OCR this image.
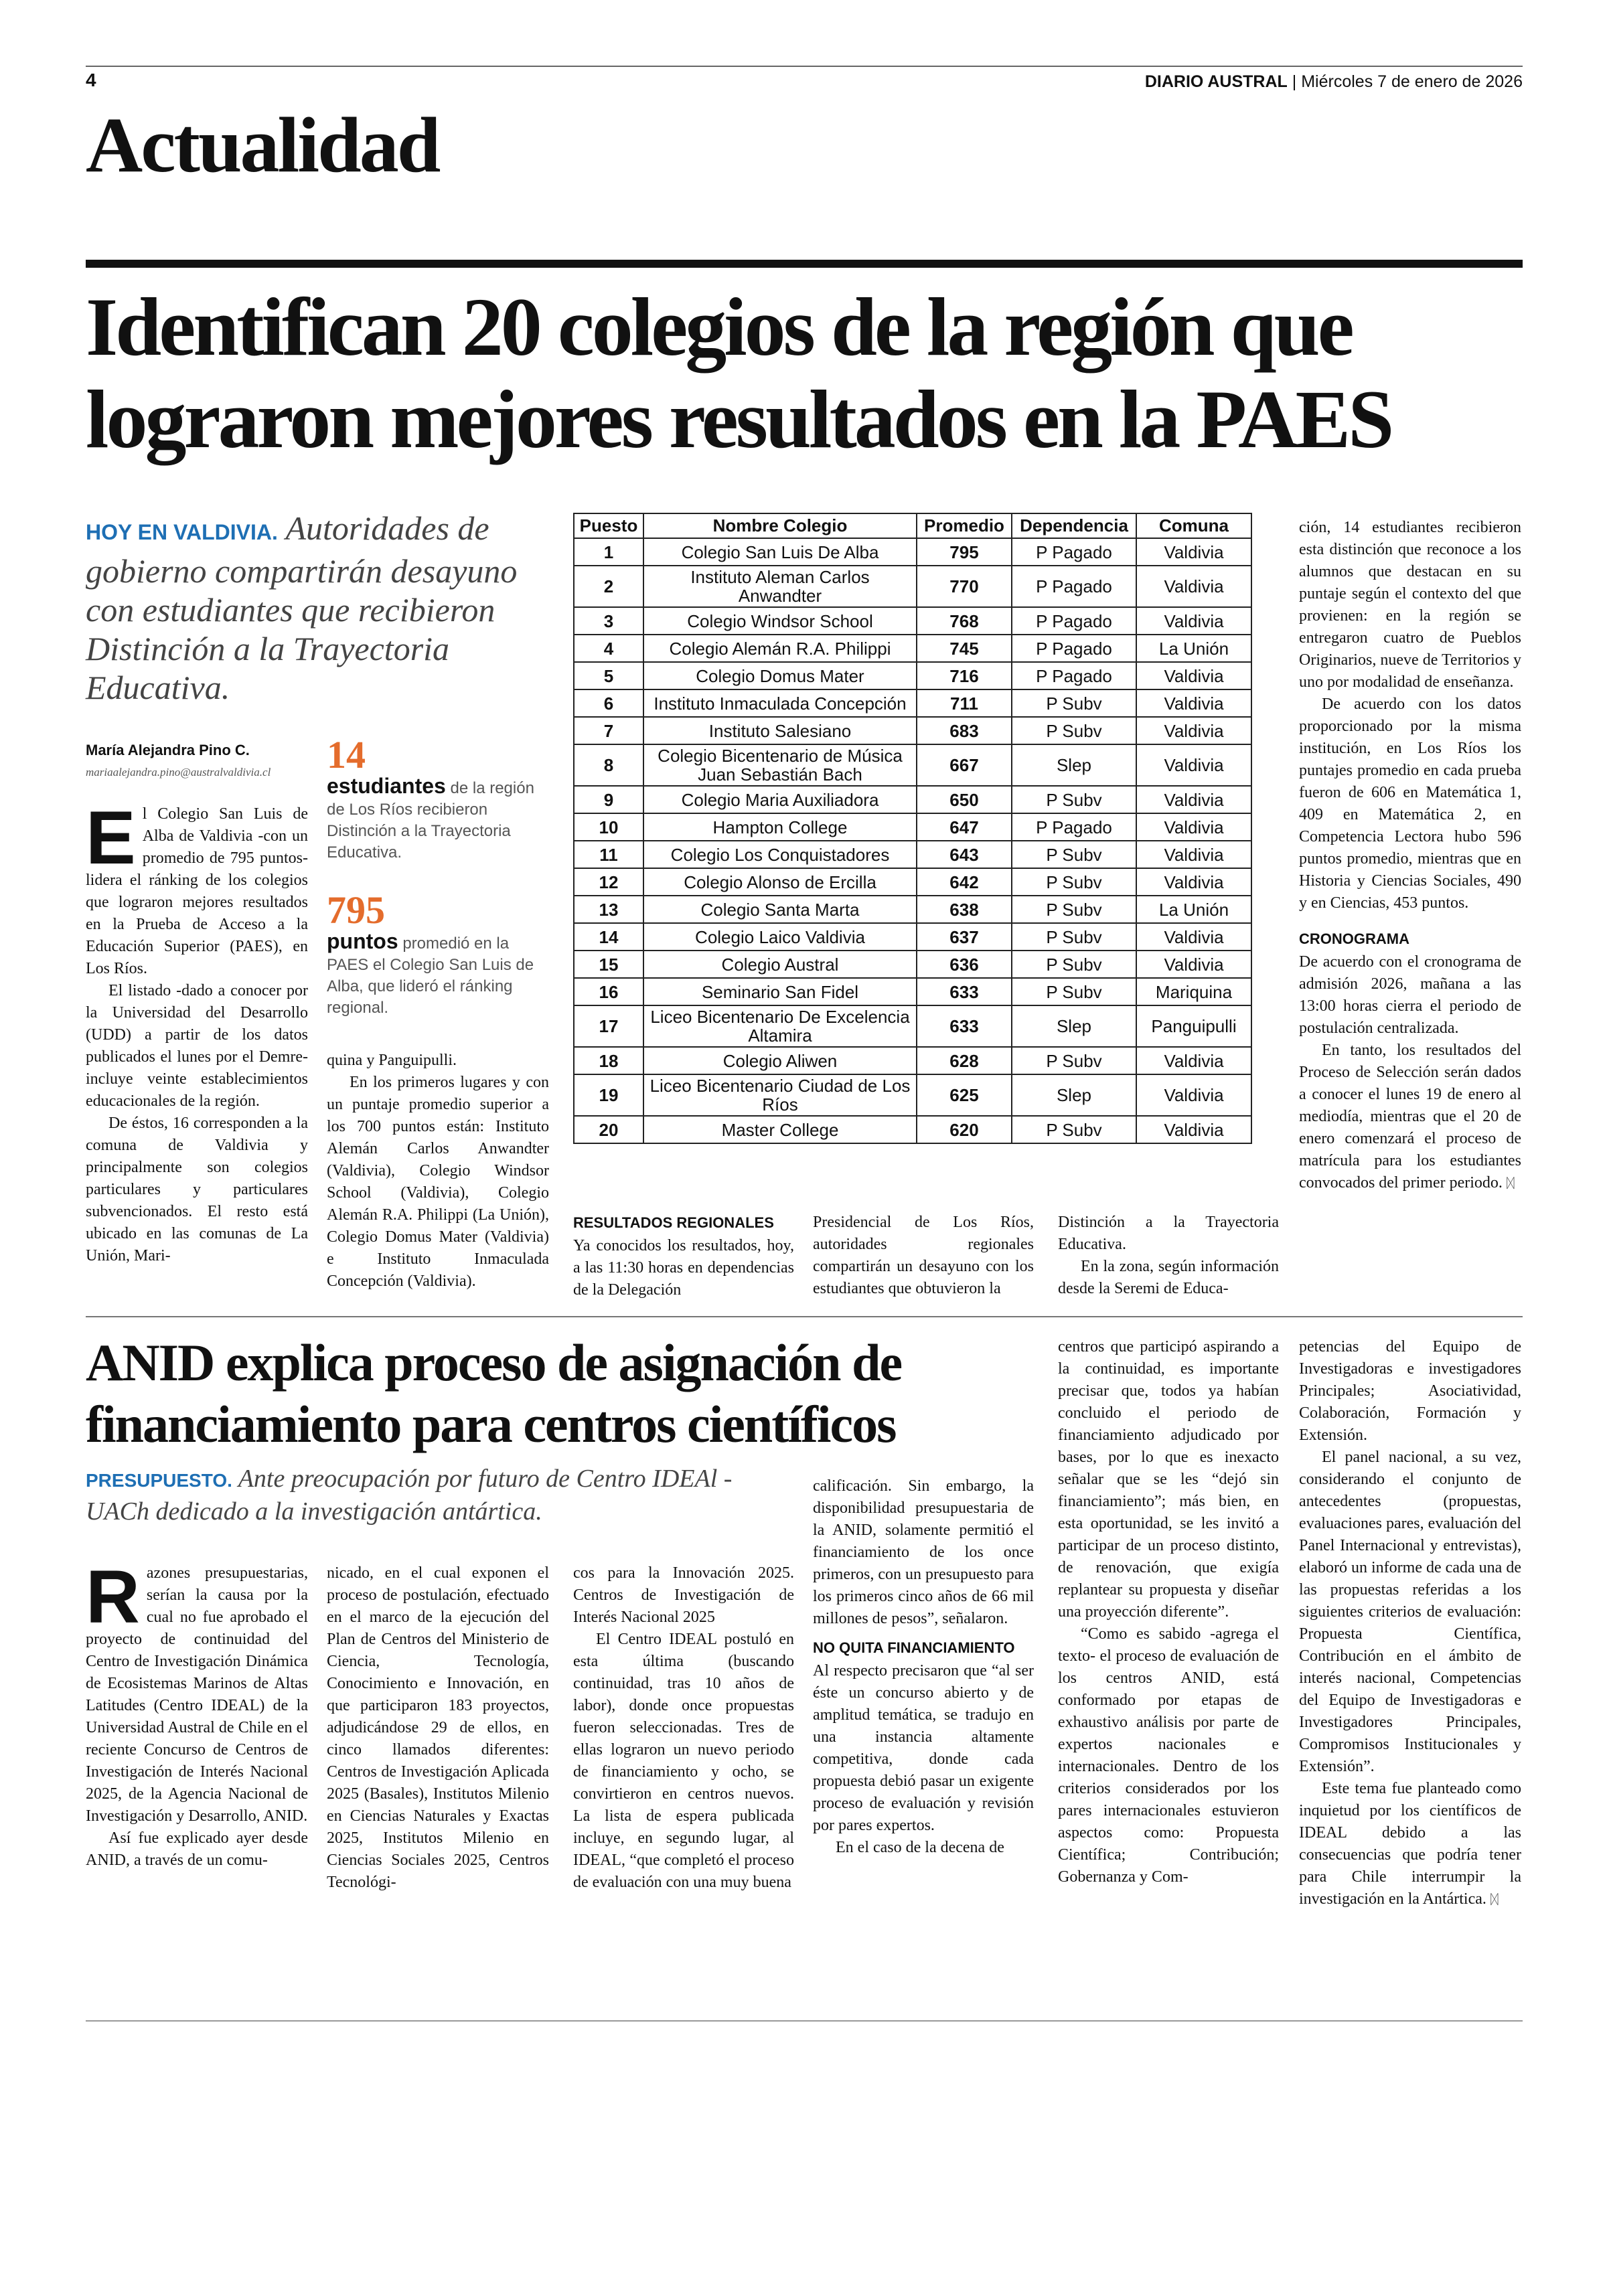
4	DIARIO AUSTRAL | Miércoles 7 de enero de 2026
Actualidad
Identifican 20 colegios de la región que lograron mejores resultados en la PAES
HOY EN VALDIVIA. Autoridades de gobierno compartirán desayuno con estudiantes que recibieron Distinción a la Trayectoria Educativa.
María Alejandra Pino C.
mariaalejandra.pino@australvaldivia.cl 14
estudiantes de la región de Los Ríos recibieron Distinción a la Trayectoria Educativa.
795
puntos promedió en la PAES el Colegio San Luis de Alba, que lideró el ránking regional.
E l Colegio San Luis de Alba de Valdivia -con un promedio de 795 puntos- lidera el ránking de los colegios que lograron mejores resultados en la Prueba de Acceso a la Educación Superior (PAES), en Los Ríos.

El listado -dado a conocer por la Universidad del Desarrollo (UDD) a partir de los datos publicados el lunes por el Demre- incluye veinte establecimientos educacionales de la región.

De éstos, 16 corresponden a la comuna de Valdivia y principalmente son colegios particulares y particulares subvencionados. El resto está ubicado en las comunas de La Unión, Mari-

quina y Panguipulli.

En los primeros lugares y con un puntaje promedio superior a los 700 puntos están: Instituto Alemán Carlos Anwandter (Valdivia), Colegio Windsor School (Valdivia), Colegio Alemán R.A. Philippi (La Unión), Colegio Domus Mater (Valdivia) e Instituto Inmaculada Concepción (Valdivia).

Puesto	Nombre Colegio	Promedio	Dependencia	Comuna
1	Colegio San Luis De Alba	795	P Pagado	Valdivia
2	Instituto Aleman Carlos Anwandter	770	P Pagado	Valdivia
3	Colegio Windsor School	768	P Pagado	Valdivia
4	Colegio Alemán R.A. Philippi	745	P Pagado	La Unión
5	Colegio Domus Mater	716	P Pagado	Valdivia
6	Instituto Inmaculada Concepción	711	P Subv	Valdivia
7	Instituto Salesiano	683	P Subv	Valdivia
8	Colegio Bicentenario de Música Juan Sebastián Bach	667	Slep	Valdivia
9	Colegio Maria Auxiliadora	650	P Subv	Valdivia
10	Hampton College	647	P Pagado	Valdivia
11	Colegio Los Conquistadores	643	P Subv	Valdivia
12	Colegio Alonso de Ercilla	642	P Subv	Valdivia
13	Colegio Santa Marta	638	P Subv	La Unión
14	Colegio Laico Valdivia	637	P Subv	Valdivia
15	Colegio Austral	636	P Subv	Valdivia
16	Seminario San Fidel	633	P Subv	Mariquina
17	Liceo Bicentenario De Excelencia Altamira	633	Slep	Panguipulli
18	Colegio Aliwen	628	P Subv	Valdivia
19	Liceo Bicentenario Ciudad de Los Ríos	625	Slep	Valdivia
20	Master College	620	P Subv	Valdivia
RESULTADOS REGIONALES

Ya conocidos los resultados, hoy, a las 11:30 horas en dependencias de la Delegación

Presidencial de Los Ríos, autoridades regionales compartirán un desayuno con los estudiantes que obtuvieron la

Distinción a la Trayectoria Educativa.

En la zona, según información desde la Seremi de Educa-

ción, 14 estudiantes recibieron esta distinción que reconoce a los alumnos que destacan en su puntaje según el contexto del que provienen: en la región se entregaron cuatro de Pueblos Originarios, nueve de Territorios y uno por modalidad de enseñanza.

De acuerdo con los datos proporcionado por la misma institución, en Los Ríos los puntajes promedio en cada prueba fueron de 606 en Matemática 1, 409 en Matemática 2, en Competencia Lectora hubo 596 puntos promedio, mientras que en Historia y Ciencias Sociales, 490 y en Ciencias, 453 puntos.

CRONOGRAMA

De acuerdo con el cronograma de admisión 2026, mañana a las 13:00 horas cierra el periodo de postulación centralizada.

En tanto, los resultados del Proceso de Selección serán dados a conocer el lunes 19 de enero al mediodía, mientras que el 20 de enero comenzará el proceso de matrícula para los estudiantes convocados del primer periodo. ᛞ

ANID explica proceso de asignación de financiamiento para centros científicos
PRESUPUESTO. Ante preocupación por futuro de Centro IDEAl -UACh dedicado a la investigación antártica.
R azones presupuestarias, serían la causa por la cual no fue aprobado el proyecto de continuidad del Centro de Investigación Dinámica de Ecosistemas Marinos de Altas Latitudes (Centro IDEAL) de la Universidad Austral de Chile en el reciente Concurso de Centros de Investigación de Interés Nacional 2025, de la Agencia Nacional de Investigación y Desarrollo, ANID.

Así fue explicado ayer desde ANID, a través de un comu-

nicado, en el cual exponen el proceso de postulación, efectuado en el marco de la ejecución del Plan de Centros del Ministerio de Ciencia, Tecnología, Conocimiento e Innovación, en que participaron 183 proyectos, adjudicándose 29 de ellos, en cinco llamados diferentes: Centros de Investigación Aplicada 2025 (Basales), Institutos Milenio en Ciencias Naturales y Exactas 2025, Institutos Milenio en Ciencias Sociales 2025, Centros Tecnológi-

cos para la Innovación 2025. Centros de Investigación de Interés Nacional 2025

El Centro IDEAL postuló en esta última (buscando continuidad, tras 10 años de labor), donde once propuestas fueron seleccionadas. Tres de ellas lograron un nuevo periodo de financiamiento y ocho, se convirtieron en centros nuevos. La lista de espera publicada incluye, en segundo lugar, al IDEAL, “que completó el proceso de evaluación con una muy buena

calificación. Sin embargo, la disponibilidad presupuestaria de la ANID, solamente permitió el financiamiento de los once primeros, con un presupuesto para los primeros cinco años de 66 mil millones de pesos”, señalaron.

NO QUITA FINANCIAMIENTO

Al respecto precisaron que “al ser éste un concurso abierto y de amplitud temática, se tradujo en una instancia altamente competitiva, donde cada propuesta debió pasar un exigente proceso de evaluación y revisión por pares expertos.

En el caso de la decena de

centros que participó aspirando a la continuidad, es importante precisar que, todos ya habían concluido el periodo de financiamiento adjudicado por bases, por lo que es inexacto señalar que se les “dejó sin financiamiento”; más bien, en esta oportunidad, se les invitó a participar de un proceso distinto, de renovación, que exigía replantear su propuesta y diseñar una proyección diferente”.

“Como es sabido -agrega el texto- el proceso de evaluación de los centros ANID, está conformado por etapas de exhaustivo análisis por parte de expertos nacionales e internacionales. Dentro de los criterios considerados por los pares internacionales estuvieron aspectos como: Propuesta Científica; Contribución; Gobernanza y Com-

petencias del Equipo de Investigadoras e investigadores Principales; Asociatividad, Colaboración, Formación y Extensión.

El panel nacional, a su vez, considerando el conjunto de antecedentes (propuestas, evaluaciones pares, evaluación del Panel Internacional y entrevistas), elaboró un informe de cada una de las propuestas referidas a los siguientes criterios de evaluación: Propuesta Científica, Contribución en el ámbito de interés nacional, Competencias del Equipo de Investigadoras e Investigadores Principales, Compromisos Institucionales y Extensión”.

Este tema fue planteado como inquietud por los científicos de IDEAL debido a las consecuencias que podría tener para Chile interrumpir la investigación en la Antártica. ᛞ
